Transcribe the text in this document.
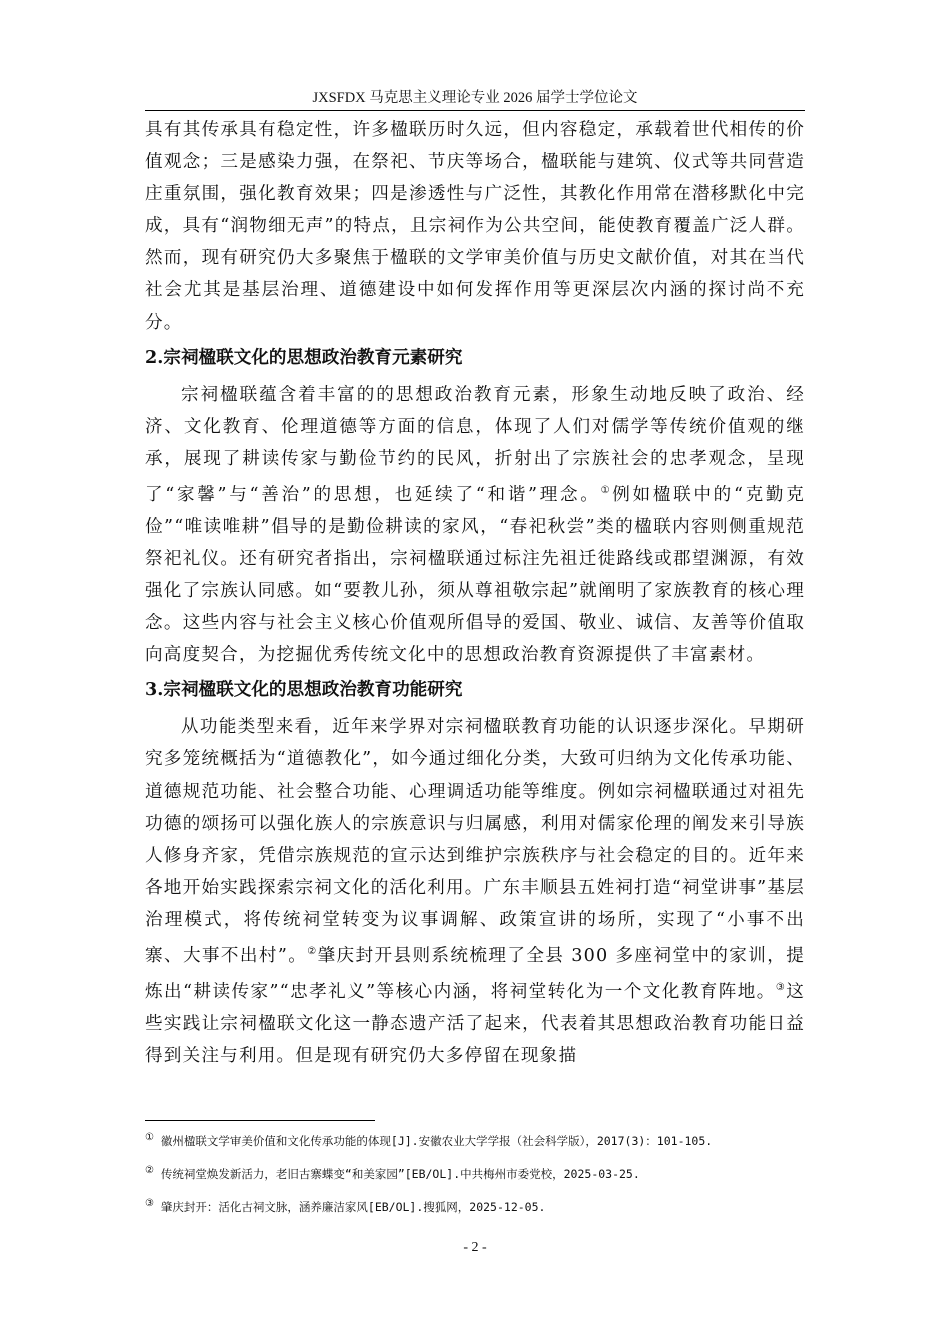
JXSFDX 马克思主义理论专业 2026 届学士学位论文

具有其传承具有稳定性，许多楹联历时久远，但内容稳定，承载着世代相传的价值观念；三是感染力强，在祭祀、节庆等场合，楹联能与建筑、仪式等共同营造庄重氛围，强化教育效果；四是渗透性与广泛性，其教化作用常在潜移默化中完成，具有“润物细无声”的特点，且宗祠作为公共空间，能使教育覆盖广泛人群。然而，现有研究仍大多聚焦于楹联的文学审美价值与历史文献价值，对其在当代社会尤其是基层治理、道德建设中如何发挥作用等更深层次内涵的探讨尚不充分。

2.宗祠楹联文化的思想政治教育元素研究

宗祠楹联蕴含着丰富的的思想政治教育元素，形象生动地反映了政治、经济、文化教育、伦理道德等方面的信息，体现了人们对儒学等传统价值观的继承，展现了耕读传家与勤俭节约的民风，折射出了宗族社会的忠孝观念，呈现了“家馨”与“善治”的思想，也延续了“和谐”理念。①例如楹联中的“克勤克俭”“唯读唯耕”倡导的是勤俭耕读的家风，“春祀秋尝”类的楹联内容则侧重规范祭祀礼仪。还有研究者指出，宗祠楹联通过标注先祖迁徙路线或郡望渊源，有效强化了宗族认同感。如“要教儿孙，须从尊祖敬宗起”就阐明了家族教育的核心理念。这些内容与社会主义核心价值观所倡导的爱国、敬业、诚信、友善等价值取向高度契合，为挖掘优秀传统文化中的思想政治教育资源提供了丰富素材。

3.宗祠楹联文化的思想政治教育功能研究

从功能类型来看，近年来学界对宗祠楹联教育功能的认识逐步深化。早期研究多笼统概括为“道德教化”，如今通过细化分类，大致可归纳为文化传承功能、道德规范功能、社会整合功能、心理调适功能等维度。例如宗祠楹联通过对祖先功德的颂扬可以强化族人的宗族意识与归属感，利用对儒家伦理的阐发来引导族人修身齐家，凭借宗族规范的宣示达到维护宗族秩序与社会稳定的目的。近年来各地开始实践探索宗祠文化的活化利用。广东丰顺县五姓祠打造“祠堂讲事”基层治理模式，将传统祠堂转变为议事调解、政策宣讲的场所，实现了“小事不出寨、大事不出村”。②肇庆封开县则系统梳理了全县 300 多座祠堂中的家训，提炼出“耕读传家”“忠孝礼义”等核心内涵，将祠堂转化为一个文化教育阵地。③这些实践让宗祠楹联文化这一静态遗产活了起来，代表着其思想政治教育功能日益得到关注与利用。但是现有研究仍大多停留在现象描

① 徽州楹联文学审美价值和文化传承功能的体现[J].安徽农业大学学报（社会科学版），2017(3)：101-105.
② 传统祠堂焕发新活力，老旧古寨蝶变“和美家园”[EB/OL].中共梅州市委党校，2025-03-25.
③ 肇庆封开：活化古祠文脉，涵养廉洁家风[EB/OL].搜狐网，2025-12-05.
- 2 -
